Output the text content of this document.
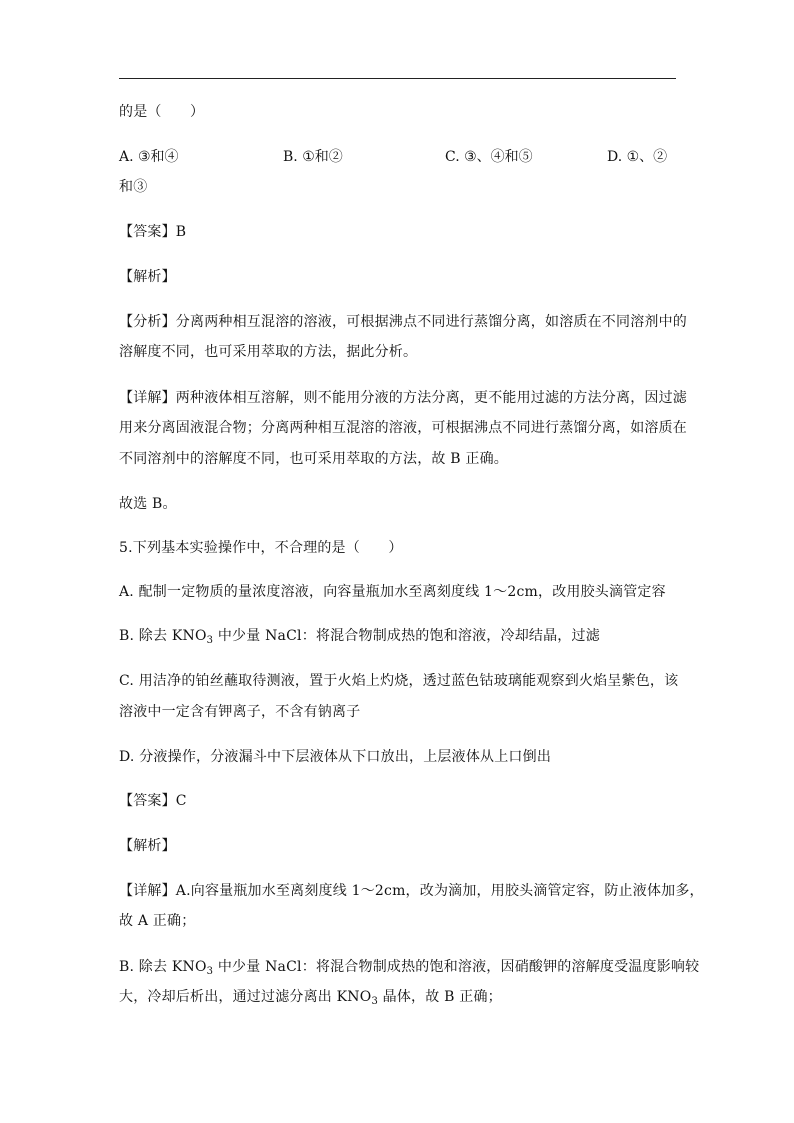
的是（　　）
A. ③和④	B. ①和②	C. ③、④和⑤	D. ①、②
和③
【答案】B
【解析】
【分析】分离两种相互混溶的溶液，可根据沸点不同进行蒸馏分离，如溶质在不同溶剂中的
溶解度不同，也可采用萃取的方法，据此分析。
【详解】两种液体相互溶解，则不能用分液的方法分离，更不能用过滤的方法分离，因过滤
用来分离固液混合物；分离两种相互混溶的溶液，可根据沸点不同进行蒸馏分离，如溶质在
不同溶剂中的溶解度不同，也可采用萃取的方法，故 B 正确。
故选 B。
5.下列基本实验操作中，不合理的是（　　）
A. 配制一定物质的量浓度溶液，向容量瓶加水至离刻度线 1～2cm，改用胶头滴管定容
B. 除去 $KNO_3$ 中少量 NaCl：将混合物制成热的饱和溶液，冷却结晶，过滤
C. 用洁净的铂丝蘸取待测液，置于火焰上灼烧，透过蓝色钴玻璃能观察到火焰呈紫色，该
溶液中一定含有钾离子，不含有钠离子
D. 分液操作，分液漏斗中下层液体从下口放出，上层液体从上口倒出
【答案】C
【解析】
【详解】A.向容量瓶加水至离刻度线 1～2cm，改为滴加，用胶头滴管定容，防止液体加多，
故 A 正确；
B. 除去 $KNO_3$ 中少量 NaCl：将混合物制成热的饱和溶液，因硝酸钾的溶解度受温度影响较
大，冷却后析出，通过过滤分离出 $KNO_3$ 晶体，故 B 正确；
